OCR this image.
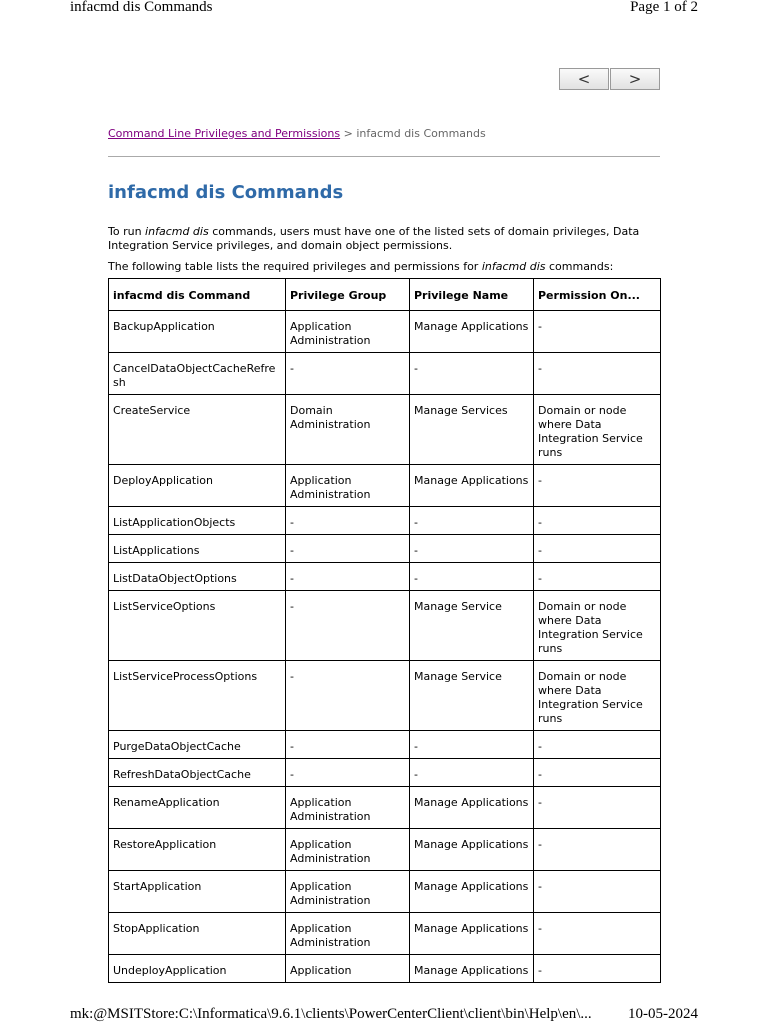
infacmd dis Commands	Page 1 of 2
<	>
Command Line Privileges and Permissions > infacmd dis Commands
infacmd dis Commands

To run infacmd dis commands, users must have one of the listed sets of domain privileges, Data Integration Service privileges, and domain object permissions.

The following table lists the required privileges and permissions for infacmd dis commands:

infacmd dis Command	Privilege Group	Privilege Name	Permission On...
BackupApplication	Application Administration	Manage Applications	-
CancelDataObjectCacheRefresh	-	-	-
CreateService	Domain Administration	Manage Services	Domain or node where Data Integration Service runs
DeployApplication	Application Administration	Manage Applications	-
ListApplicationObjects	-	-	-
ListApplications	-	-	-
ListDataObjectOptions	-	-	-
ListServiceOptions	-	Manage Service	Domain or node where Data Integration Service runs
ListServiceProcessOptions	-	Manage Service	Domain or node where Data Integration Service runs
PurgeDataObjectCache	-	-	-
RefreshDataObjectCache	-	-	-
RenameApplication	Application Administration	Manage Applications	-
RestoreApplication	Application Administration	Manage Applications	-
StartApplication	Application Administration	Manage Applications	-
StopApplication	Application Administration	Manage Applications	-
UndeployApplication	Application	Manage Applications	-
mk:@MSITStore:C:\Informatica\9.6.1\clients\PowerCenterClient\client\bin\Help\en\... 10-05-2024
